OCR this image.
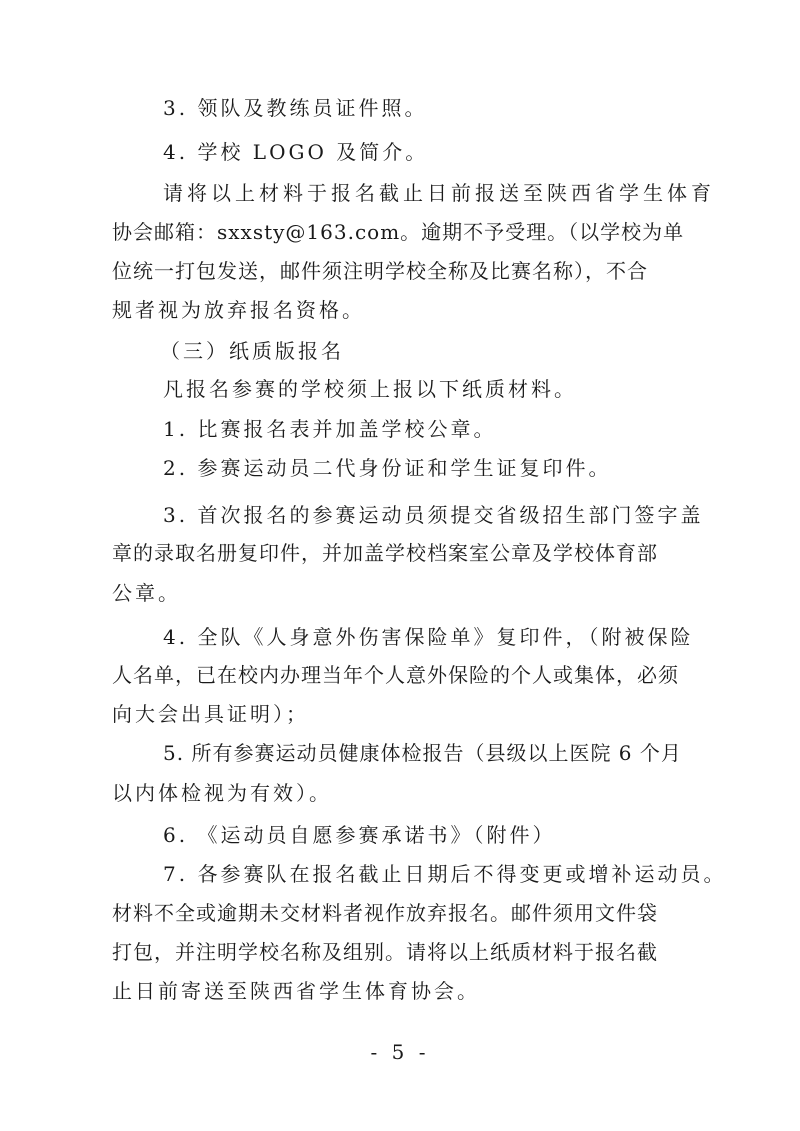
3. 领队及教练员证件照。
4. 学校 LOGO 及简介。
请将以上材料于报名截止日前报送至陕西省学生体育
协会邮箱：sxxsty@163.com。逾期不予受理。（以学校为单
位统一打包发送，邮件须注明学校全称及比赛名称），不合
规者视为放弃报名资格。
（三）纸质版报名
凡报名参赛的学校须上报以下纸质材料。
1. 比赛报名表并加盖学校公章。
2. 参赛运动员二代身份证和学生证复印件。
3. 首次报名的参赛运动员须提交省级招生部门签字盖
章的录取名册复印件，并加盖学校档案室公章及学校体育部
公章。
4. 全队《人身意外伤害保险单》复印件，（附被保险
人名单，已在校内办理当年个人意外保险的个人或集体，必须
向大会出具证明）；
5. 所有参赛运动员健康体检报告（县级以上医院 6 个月
以内体检视为有效）。
6. 《运动员自愿参赛承诺书》（附件）
7. 各参赛队在报名截止日期后不得变更或增补运动员。
材料不全或逾期未交材料者视作放弃报名。邮件须用文件袋
打包，并注明学校名称及组别。请将以上纸质材料于报名截
止日前寄送至陕西省学生体育协会。
- 5 -
